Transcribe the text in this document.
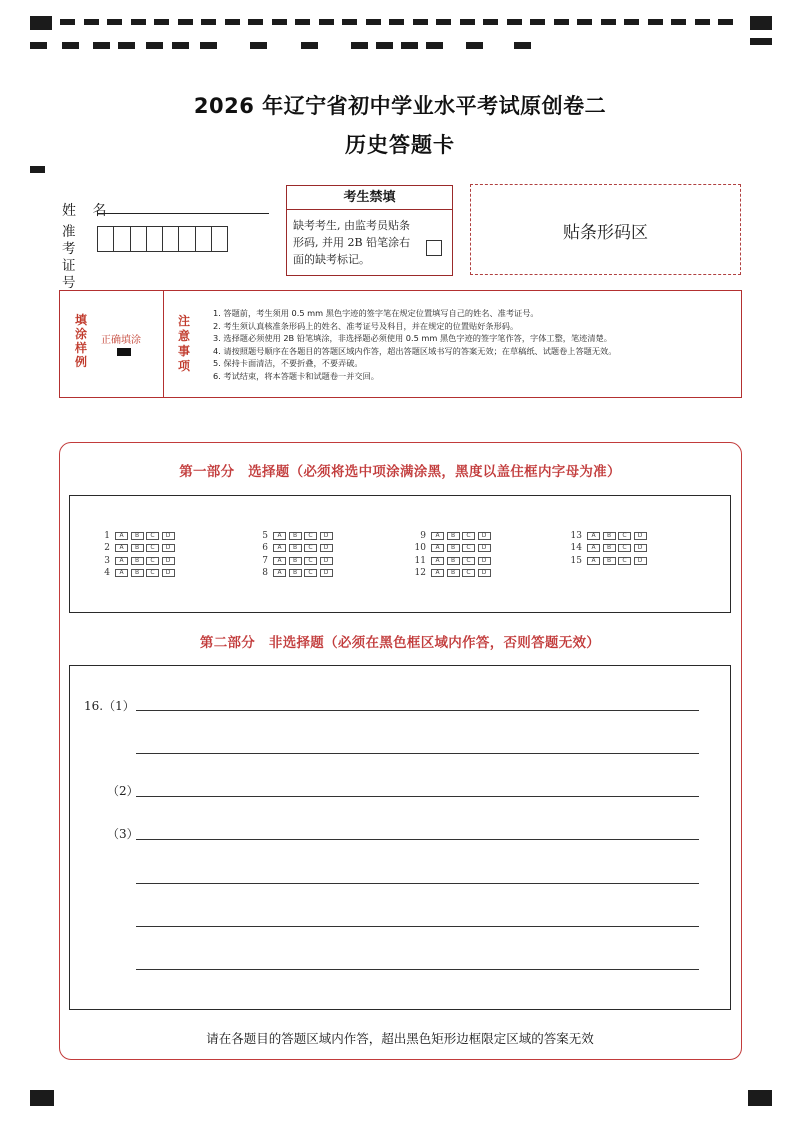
2026 年辽宁省初中学业水平考试原创卷二
历史答题卡
姓 名
准 考 证 号
考生禁填
缺考考生, 由监考员贴条形码, 并用 2B 铅笔涂右面的缺考标记。
贴条形码区
填涂样例
正确填涂
注意事项
1. 答题前，考生须用 0.5 mm 黑色字迹的签字笔在规定位置填写自己的姓名、准考证号。
2. 考生须认真核准条形码上的姓名、准考证号及科目，并在规定的位置贴好条形码。
3. 选择题必须使用 2B 铅笔填涂，非选择题必须使用 0.5 mm 黑色字迹的签字笔作答，字体工整，笔迹清楚。
4. 请按照题号顺序在各题目的答题区域内作答，超出答题区域书写的答案无效；在草稿纸、试题卷上答题无效。
5. 保持卡面清洁，不要折叠，不要弄破。
6. 考试结束，将本答题卡和试题卷一并交回。
第一部分　选择题（必须将选中项涂满涂黑，黑度以盖住框内字母为准）
1	A	B	C	D
2	A	B	C	D
3	A	B	C	D
4	A	B	C	D
5	A	B	C	D
6	A	B	C	D
7	A	B	C	D
8	A	B	C	D
9	A	B	C	D
10	A	B	C	D
11	A	B	C	D
12	A	B	C	D
13	A	B	C	D
14	A	B	C	D
15	A	B	C	D
第二部分　非选择题（必须在黑色框区域内作答，否则答题无效）
16.（1）
（2）
（3）
请在各题目的答题区域内作答，超出黑色矩形边框限定区域的答案无效
